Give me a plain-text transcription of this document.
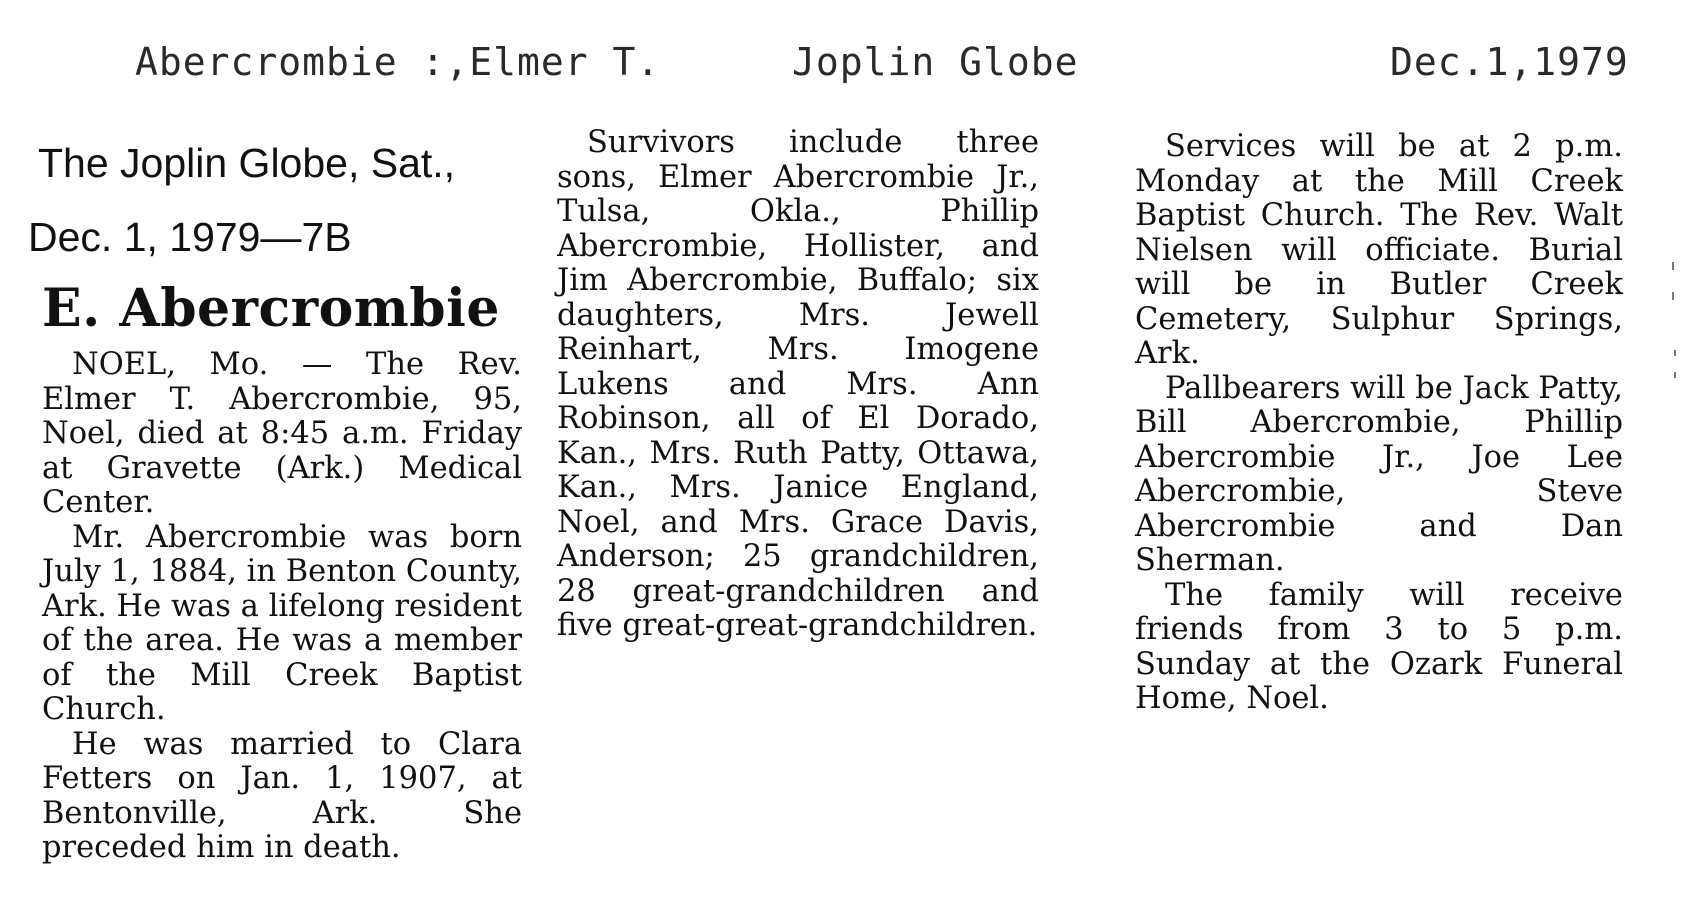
Abercrombie :,Elmer T.	Joplin Globe	Dec.1,1979
The Joplin Globe, Sat.,
Dec. 1, 1979—7B
E. Abercrombie

NOEL, Mo. — The Rev. Elmer T. Abercrombie, 95, Noel, died at 8:45 a.m. Friday at Gravette (Ark.) Medical Center.

Mr. Abercrombie was born July 1, 1884, in Benton County, Ark. He was a lifelong resident of the area. He was a member of the Mill Creek Baptist Church.

He was married to Clara Fetters on Jan. 1, 1907, at Bentonville, Ark. She preceded him in death.

Survivors include three sons, Elmer Abercrombie Jr., Tulsa, Okla., Phillip Abercrombie, Hollister, and Jim Abercrombie, Buffalo; six daughters, Mrs. Jewell Reinhart, Mrs. Imogene Lukens and Mrs. Ann Robinson, all of El Dorado, Kan., Mrs. Ruth Patty, Ottawa, Kan., Mrs. Janice England, Noel, and Mrs. Grace Davis, Anderson; 25 grandchildren, 28 great-grandchildren and five great-great-grandchildren.

Services will be at 2 p.m. Monday at the Mill Creek Baptist Church. The Rev. Walt Nielsen will officiate. Burial will be in Butler Creek Cemetery, Sulphur Springs, Ark.

Pallbearers will be Jack Patty, Bill Abercrombie, Phillip Abercrombie Jr., Joe Lee Abercrombie, Steve Abercrombie and Dan Sherman.

The family will receive friends from 3 to 5 p.m. Sunday at the Ozark Funeral Home, Noel.
